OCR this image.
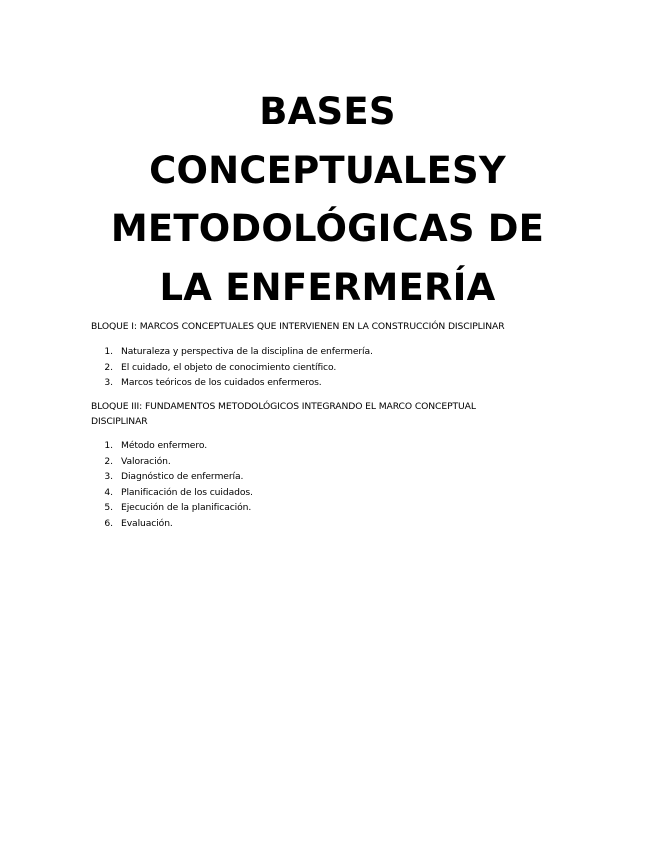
BASES
CONCEPTUALESY
METODOLÓGICAS DE
LA ENFERMERÍA

BLOQUE I: MARCOS CONCEPTUALES QUE INTERVIENEN EN LA CONSTRUCCIÓN DISCIPLINAR

1. Naturaleza y perspectiva de la disciplina de enfermería.
2. El cuidado, el objeto de conocimiento científico.
3. Marcos teóricos de los cuidados enfermeros.

BLOQUE III: FUNDAMENTOS METODOLÓGICOS INTEGRANDO EL MARCO CONCEPTUAL DISCIPLINAR

1. Método enfermero.
2. Valoración.
3. Diagnóstico de enfermería.
4. Planificación de los cuidados.
5. Ejecución de la planificación.
6. Evaluación.
